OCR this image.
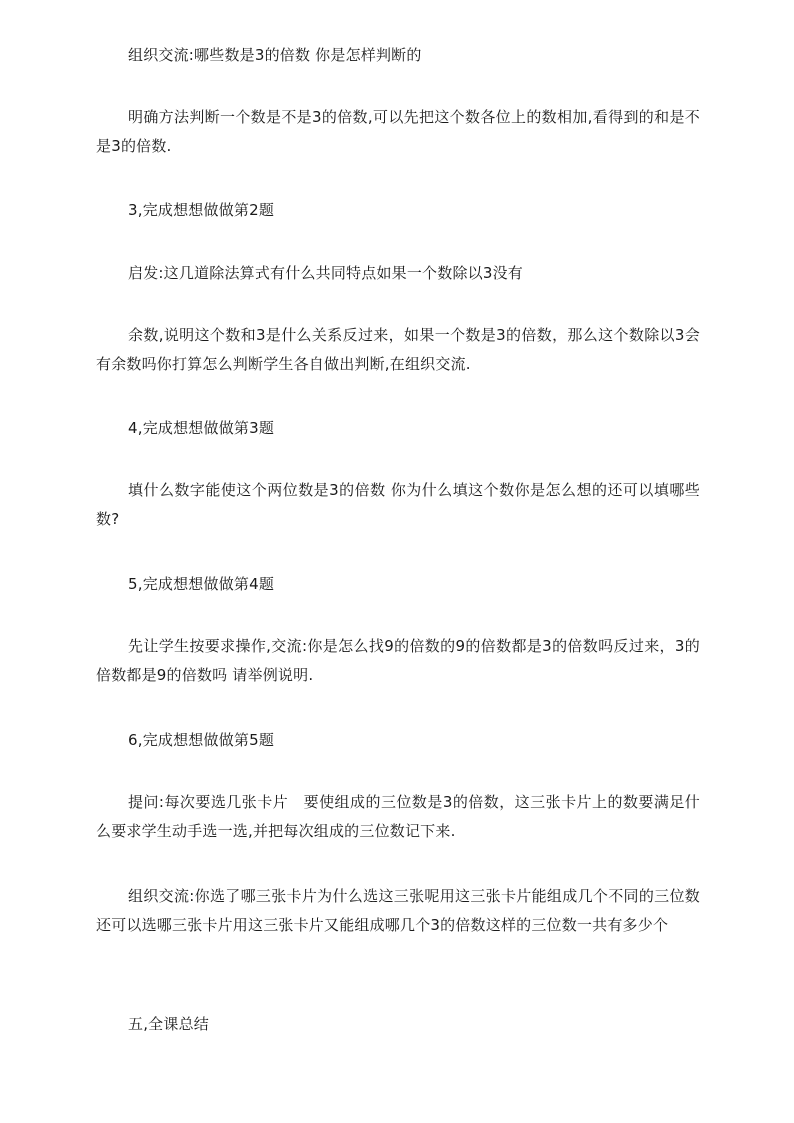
组织交流:哪些数是3的倍数 你是怎样判断的

明确方法判断一个数是不是3的倍数,可以先把这个数各位上的数相加,看得到的和是不是3的倍数.

3,完成想想做做第2题

启发:这几道除法算式有什么共同特点如果一个数除以3没有

余数,说明这个数和3是什么关系反过来，如果一个数是3的倍数，那么这个数除以3会有余数吗你打算怎么判断学生各自做出判断,在组织交流.

4,完成想想做做第3题

填什么数字能使这个两位数是3的倍数 你为什么填这个数你是怎么想的还可以填哪些数?

5,完成想想做做第4题

先让学生按要求操作,交流:你是怎么找9的倍数的9的倍数都是3的倍数吗反过来，3的倍数都是9的倍数吗 请举例说明.

6,完成想想做做第5题

提问:每次要选几张卡片　要使组成的三位数是3的倍数，这三张卡片上的数要满足什么要求学生动手选一选,并把每次组成的三位数记下来.

组织交流:你选了哪三张卡片为什么选这三张呢用这三张卡片能组成几个不同的三位数还可以选哪三张卡片用这三张卡片又能组成哪几个3的倍数这样的三位数一共有多少个

五,全课总结
